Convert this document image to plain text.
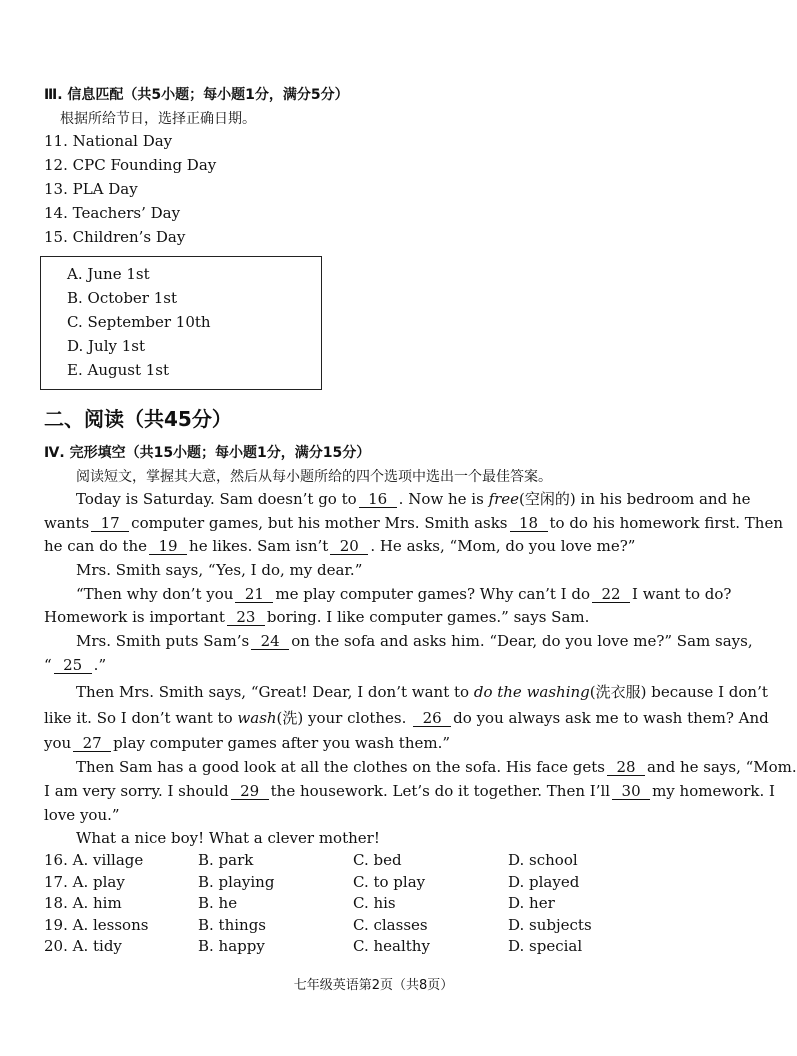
Ⅲ. 信息匹配（共5小题；每小题1分，满分5分）
根据所给节日，选择正确日期。
11. National Day
12. CPC Founding Day
13. PLA Day
14. Teachers’ Day
15. Children’s Day
A. June 1st
B. October 1st
C. September 10th
D. July 1st
E. August 1st
二、阅读（共45分）
Ⅳ. 完形填空（共15小题；每小题1分，满分15分）
阅读短文，掌握其大意，然后从每小题所给的四个选项中选出一个最佳答案。
Today is Saturday. Sam doesn’t go to 16 . Now he is free(空闲的) in his bedroom and he
wants 17 computer games, but his mother Mrs. Smith asks 18 to do his homework first. Then
he can do the 19 he likes. Sam isn’t 20 . He asks, “Mom, do you love me?”
Mrs. Smith says, “Yes, I do, my dear.”
“Then why don’t you 21 me play computer games? Why can’t I do 22 I want to do?
Homework is important 23 boring. I like computer games.” says Sam.
Mrs. Smith puts Sam’s 24 on the sofa and asks him. “Dear, do you love me?” Sam says,
“ 25 .”
Then Mrs. Smith says, “Great! Dear, I don’t want to do the washing(洗衣服) because I don’t
like it. So I don’t want to wash(洗) your clothes. 26 do you always ask me to wash them? And
you 27 play computer games after you wash them.”
Then Sam has a good look at all the clothes on the sofa. His face gets 28 and he says, “Mom.
I am very sorry. I should 29 the housework. Let’s do it together. Then I’ll 30 my homework. I
love you.”
What a nice boy! What a clever mother!
16. A. village	B. park	C. bed	D. school
17. A. play	B. playing	C. to play	D. played
18. A. him	B. he	C. his	D. her
19. A. lessons	B. things	C. classes	D. subjects
20. A. tidy	B. happy	C. healthy	D. special
七年级英语第2页（共8页）
